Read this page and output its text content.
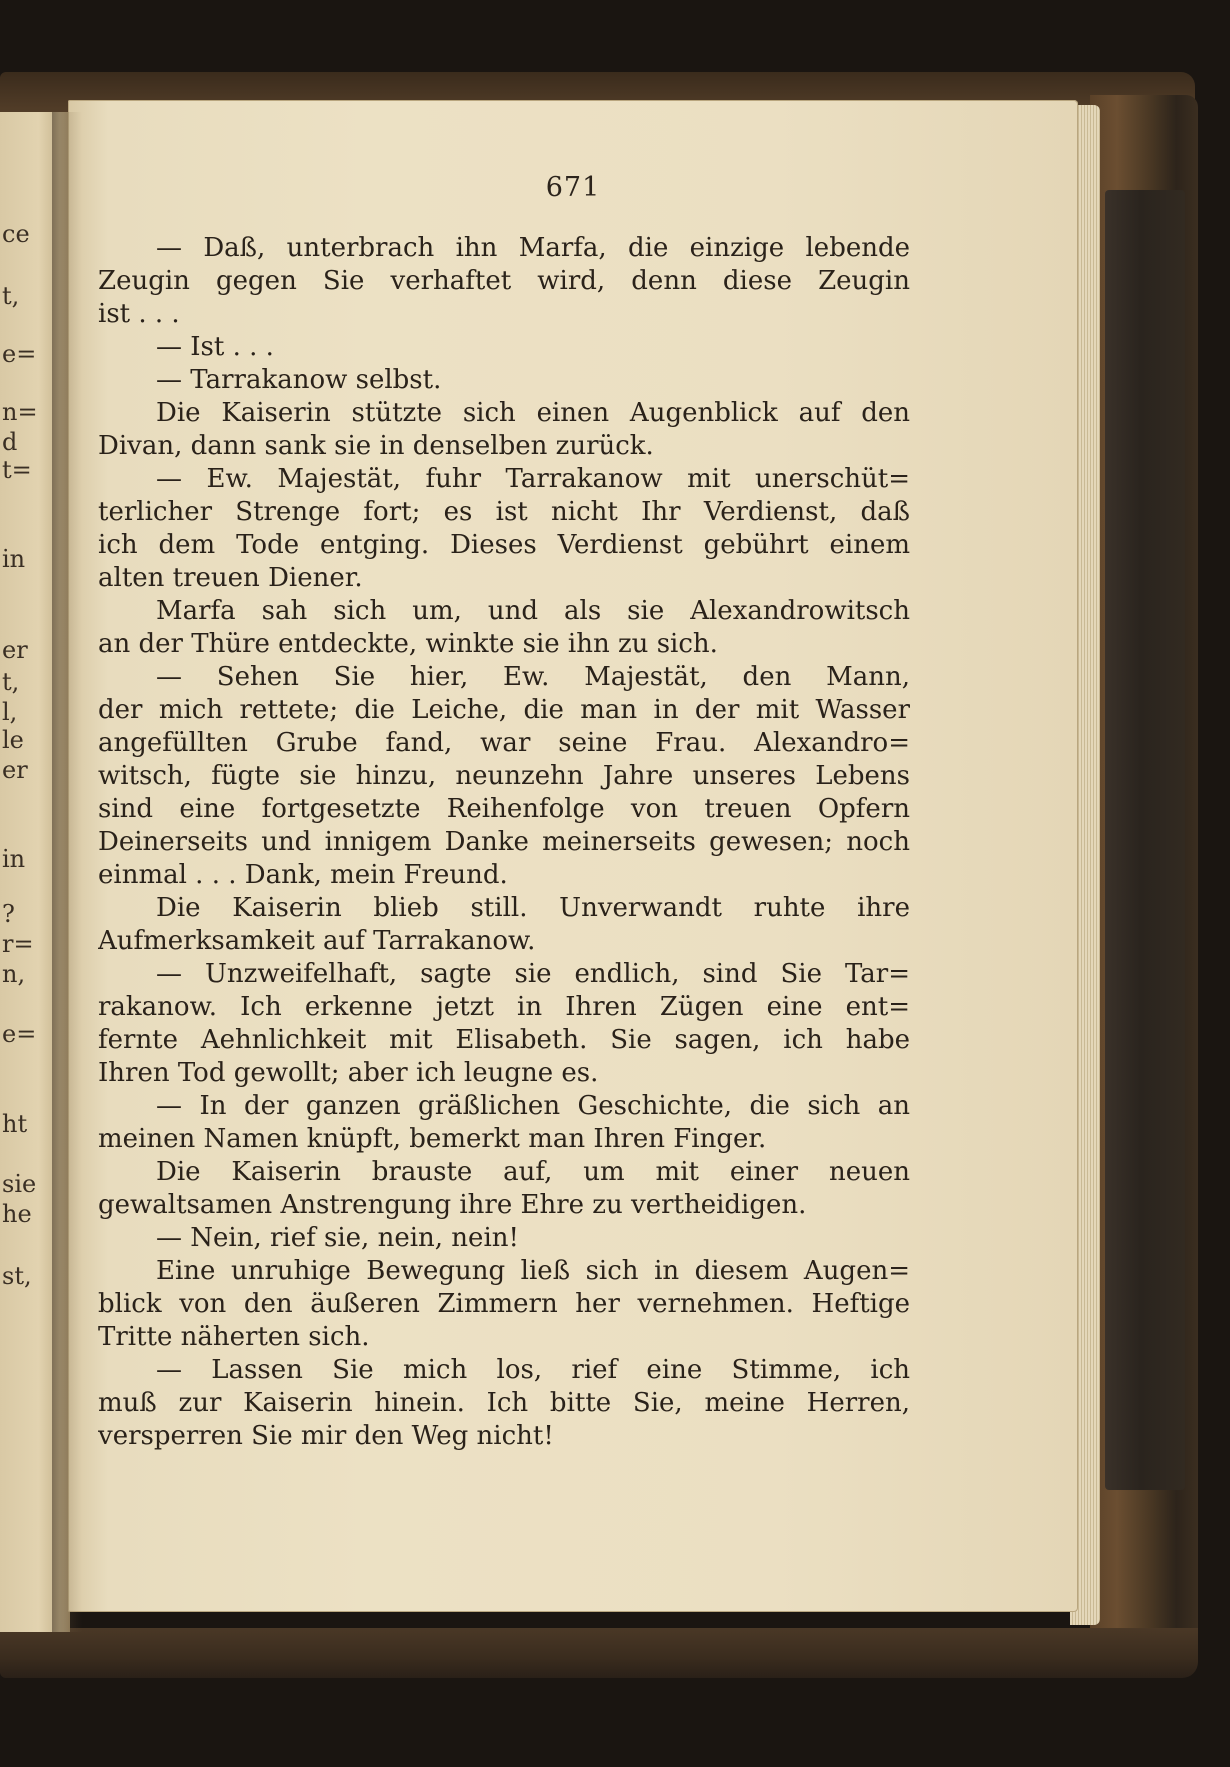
ce
t,
e=
n=
d
t=
in
er
t,
l,
le
er
in
?
r=
n,
e=
ht
sie
he
st,
671
— Daß, unterbrach ihn Marfa, die einzige lebende
Zeugin gegen Sie verhaftet wird, denn diese Zeugin
ist . . .
— Ist . . .
— Tarrakanow selbst.
Die Kaiserin stützte sich einen Augenblick auf den
Divan, dann sank sie in denselben zurück.
— Ew. Majestät, fuhr Tarrakanow mit unerschüt=
terlicher Strenge fort; es ist nicht Ihr Verdienst, daß
ich dem Tode entging. Dieses Verdienst gebührt einem
alten treuen Diener.
Marfa sah sich um, und als sie Alexandrowitsch
an der Thüre entdeckte, winkte sie ihn zu sich.
— Sehen Sie hier, Ew. Majestät, den Mann,
der mich rettete; die Leiche, die man in der mit Wasser
angefüllten Grube fand, war seine Frau. Alexandro=
witsch, fügte sie hinzu, neunzehn Jahre unseres Lebens
sind eine fortgesetzte Reihenfolge von treuen Opfern
Deinerseits und innigem Danke meinerseits gewesen; noch
einmal . . . Dank, mein Freund.
Die Kaiserin blieb still. Unverwandt ruhte ihre
Aufmerksamkeit auf Tarrakanow.
— Unzweifelhaft, sagte sie endlich, sind Sie Tar=
rakanow. Ich erkenne jetzt in Ihren Zügen eine ent=
fernte Aehnlichkeit mit Elisabeth. Sie sagen, ich habe
Ihren Tod gewollt; aber ich leugne es.
— In der ganzen gräßlichen Geschichte, die sich an
meinen Namen knüpft, bemerkt man Ihren Finger.
Die Kaiserin brauste auf, um mit einer neuen
gewaltsamen Anstrengung ihre Ehre zu vertheidigen.
— Nein, rief sie, nein, nein!
Eine unruhige Bewegung ließ sich in diesem Augen=
blick von den äußeren Zimmern her vernehmen. Heftige
Tritte näherten sich.
— Lassen Sie mich los, rief eine Stimme, ich
muß zur Kaiserin hinein. Ich bitte Sie, meine Herren,
versperren Sie mir den Weg nicht!
